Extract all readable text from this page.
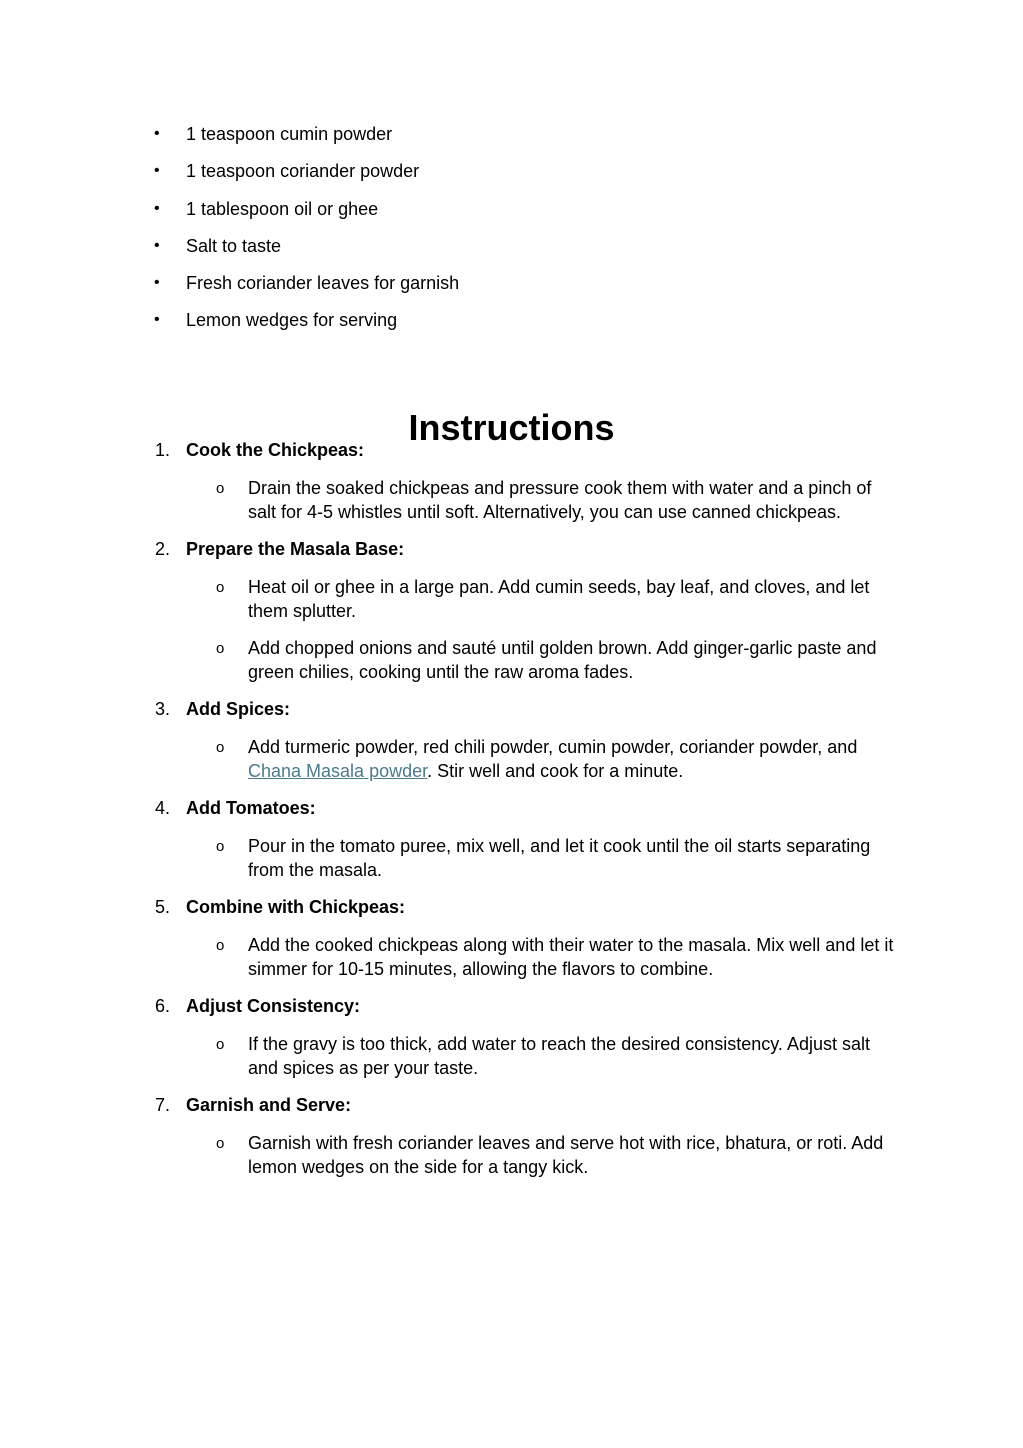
• 1 teaspoon cumin powder
• 1 teaspoon coriander powder
• 1 tablespoon oil or ghee
• Salt to taste
• Fresh coriander leaves for garnish
• Lemon wedges for serving
Instructions
1. Cook the Chickpeas:
o Drain the soaked chickpeas and pressure cook them with water and a pinch of salt for 4-5 whistles until soft. Alternatively, you can use canned chickpeas.
2. Prepare the Masala Base:
o Heat oil or ghee in a large pan. Add cumin seeds, bay leaf, and cloves, and let them splutter.
o Add chopped onions and sauté until golden brown. Add ginger-garlic paste and green chilies, cooking until the raw aroma fades.
3. Add Spices:
o Add turmeric powder, red chili powder, cumin powder, coriander powder, and Chana Masala powder. Stir well and cook for a minute.
4. Add Tomatoes:
o Pour in the tomato puree, mix well, and let it cook until the oil starts separating from the masala.
5. Combine with Chickpeas:
o Add the cooked chickpeas along with their water to the masala. Mix well and let it simmer for 10-15 minutes, allowing the flavors to combine.
6. Adjust Consistency:
o If the gravy is too thick, add water to reach the desired consistency. Adjust salt and spices as per your taste.
7. Garnish and Serve:
o Garnish with fresh coriander leaves and serve hot with rice, bhatura, or roti. Add lemon wedges on the side for a tangy kick.
